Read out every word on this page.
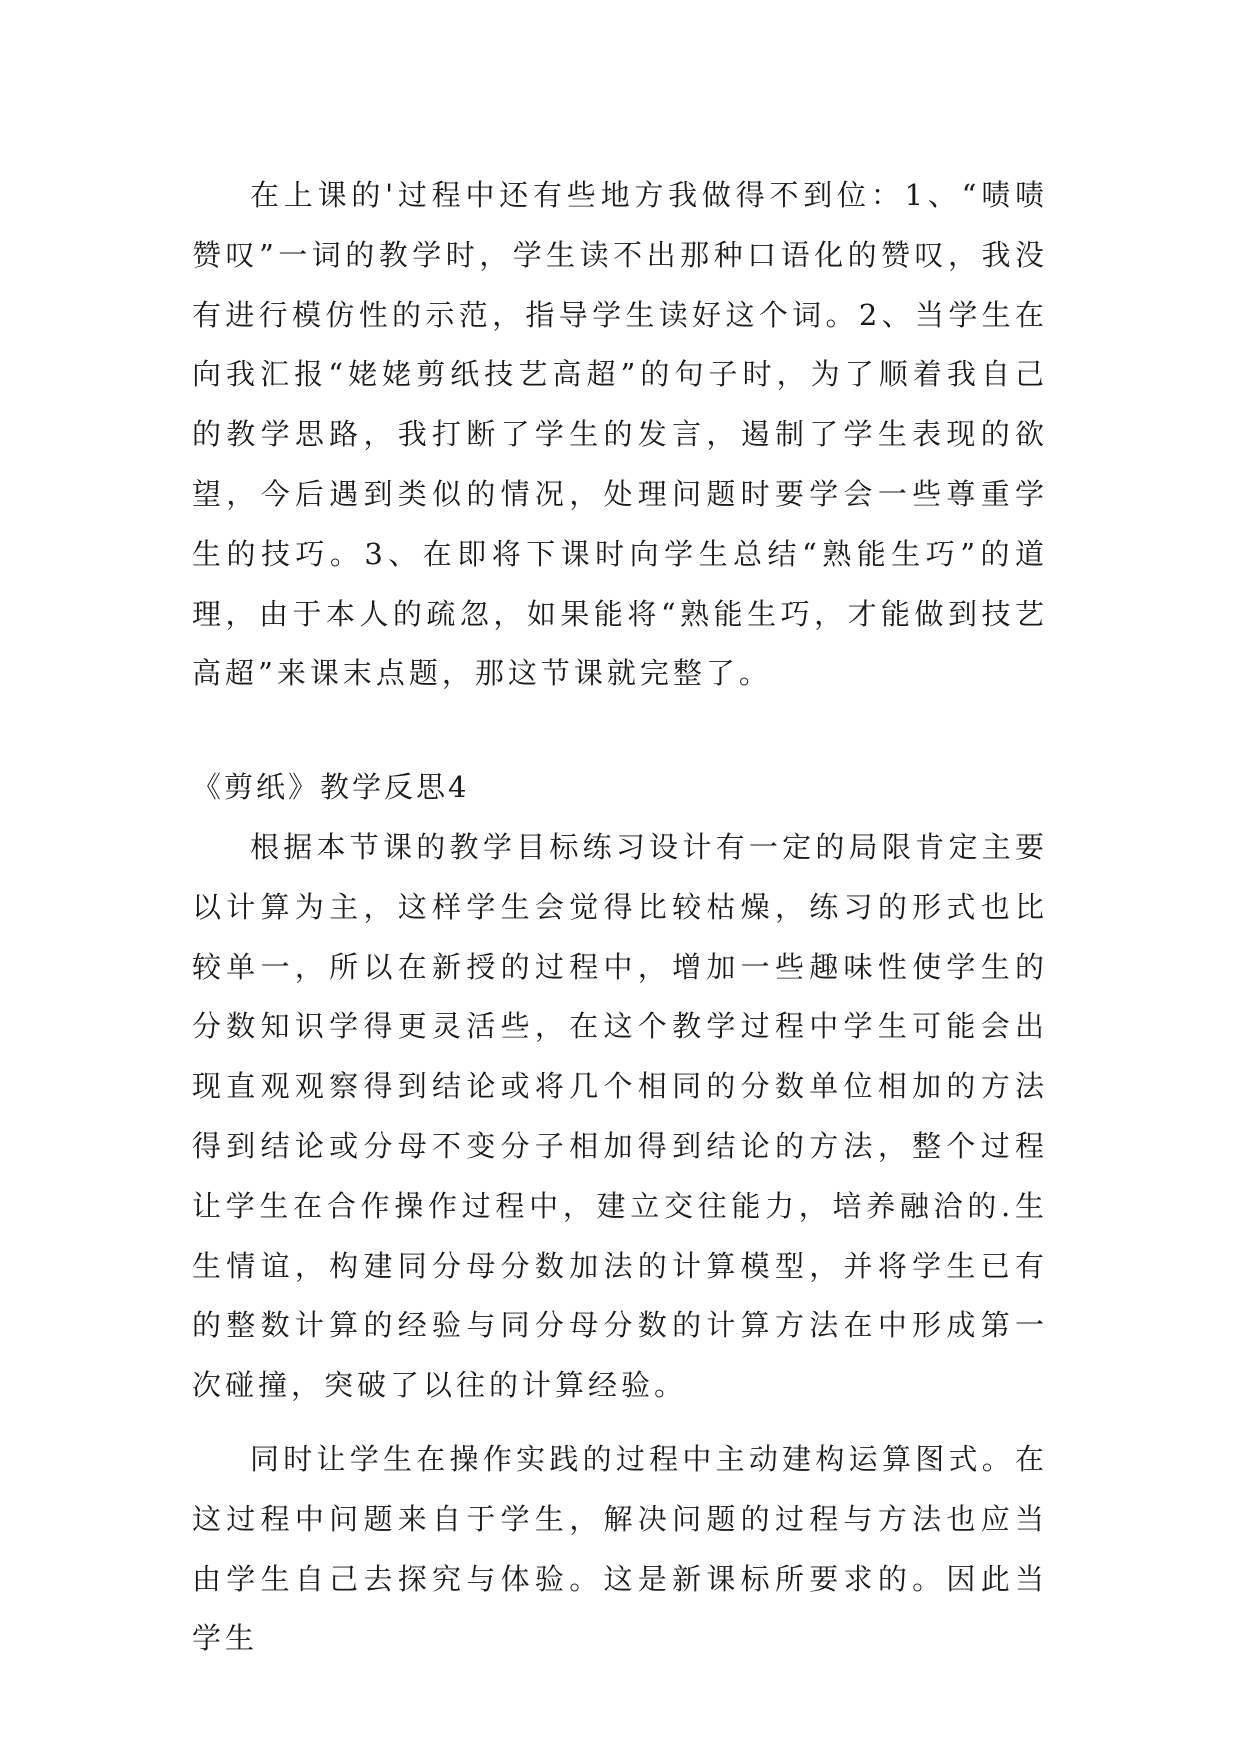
在上课的'过程中还有些地方我做得不到位：1、“啧啧赞叹”一词的教学时，学生读不出那种口语化的赞叹，我没有进行模仿性的示范，指导学生读好这个词。2、当学生在向我汇报“姥姥剪纸技艺高超”的句子时，为了顺着我自己的教学思路，我打断了学生的发言，遏制了学生表现的欲望，今后遇到类似的情况，处理问题时要学会一些尊重学生的技巧。3、在即将下课时向学生总结“熟能生巧”的道理，由于本人的疏忽，如果能将“熟能生巧，才能做到技艺高超”来课末点题，那这节课就完整了。

《剪纸》教学反思4

根据本节课的教学目标练习设计有一定的局限肯定主要以计算为主，这样学生会觉得比较枯燥，练习的形式也比较单一，所以在新授的过程中，增加一些趣味性使学生的分数知识学得更灵活些，在这个教学过程中学生可能会出现直观观察得到结论或将几个相同的分数单位相加的方法得到结论或分母不变分子相加得到结论的方法，整个过程让学生在合作操作过程中，建立交往能力，培养融洽的.生生情谊，构建同分母分数加法的计算模型，并将学生已有的整数计算的经验与同分母分数的计算方法在中形成第一次碰撞，突破了以往的计算经验。

同时让学生在操作实践的过程中主动建构运算图式。在这过程中问题来自于学生，解决问题的过程与方法也应当由学生自己去探究与体验。这是新课标所要求的。因此当学生
